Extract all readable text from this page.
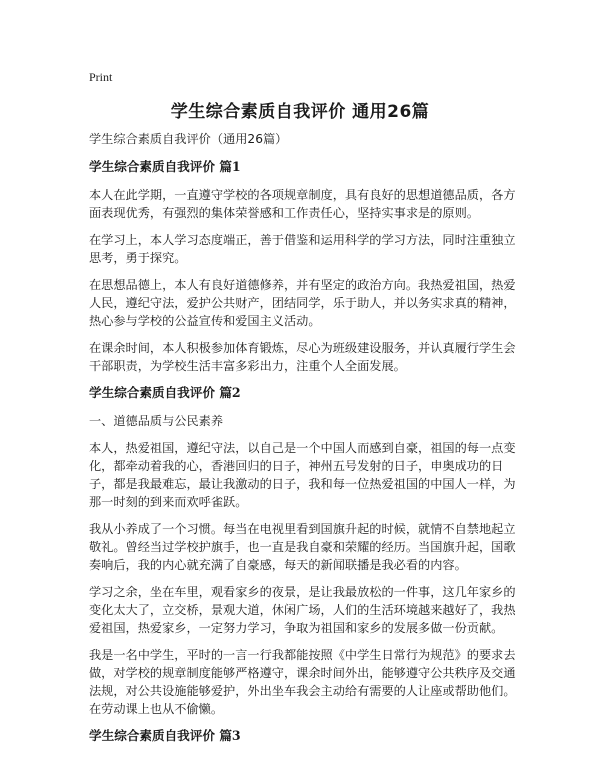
Print
学生综合素质自我评价 通用26篇

学生综合素质自我评价（通用26篇）

学生综合素质自我评价 篇1

本人在此学期，一直遵守学校的各项规章制度，具有良好的思想道德品质，各方面表现优秀，有强烈的集体荣誉感和工作责任心，坚持实事求是的原则。

在学习上，本人学习态度端正，善于借鉴和运用科学的学习方法，同时注重独立思考，勇于探究。

在思想品德上，本人有良好道德修养，并有坚定的政治方向。我热爱祖国，热爱人民，遵纪守法，爱护公共财产，团结同学，乐于助人，并以务实求真的精神，热心参与学校的公益宣传和爱国主义活动。

在课余时间，本人积极参加体育锻炼，尽心为班级建设服务，并认真履行学生会干部职责，为学校生活丰富多彩出力，注重个人全面发展。

学生综合素质自我评价 篇2

一、道德品质与公民素养

本人，热爱祖国，遵纪守法，以自己是一个中国人而感到自豪，祖国的每一点变化，都牵动着我的心，香港回归的日子，神州五号发射的日子，申奥成功的日子，都是我最难忘，最让我激动的日子，我和每一位热爱祖国的中国人一样，为那一时刻的到来而欢呼雀跃。

我从小养成了一个习惯。每当在电视里看到国旗升起的时候，就情不自禁地起立敬礼。曾经当过学校护旗手，也一直是我自豪和荣耀的经历。当国旗升起，国歌奏响后，我的内心就充满了自豪感，每天的新闻联播是我必看的内容。

学习之余，坐在车里，观看家乡的夜景，是让我最放松的一件事，这几年家乡的变化太大了，立交桥，景观大道，休闲广场，人们的生活环境越来越好了，我热爱祖国，热爱家乡，一定努力学习，争取为祖国和家乡的发展多做一份贡献。

我是一名中学生，平时的一言一行我都能按照《中学生日常行为规范》的要求去做，对学校的规章制度能够严格遵守，课余时间外出，能够遵守公共秩序及交通法规，对公共设施能够爱护，外出坐车我会主动给有需要的人让座或帮助他们。在劳动课上也从不偷懒。

学生综合素质自我评价 篇3
